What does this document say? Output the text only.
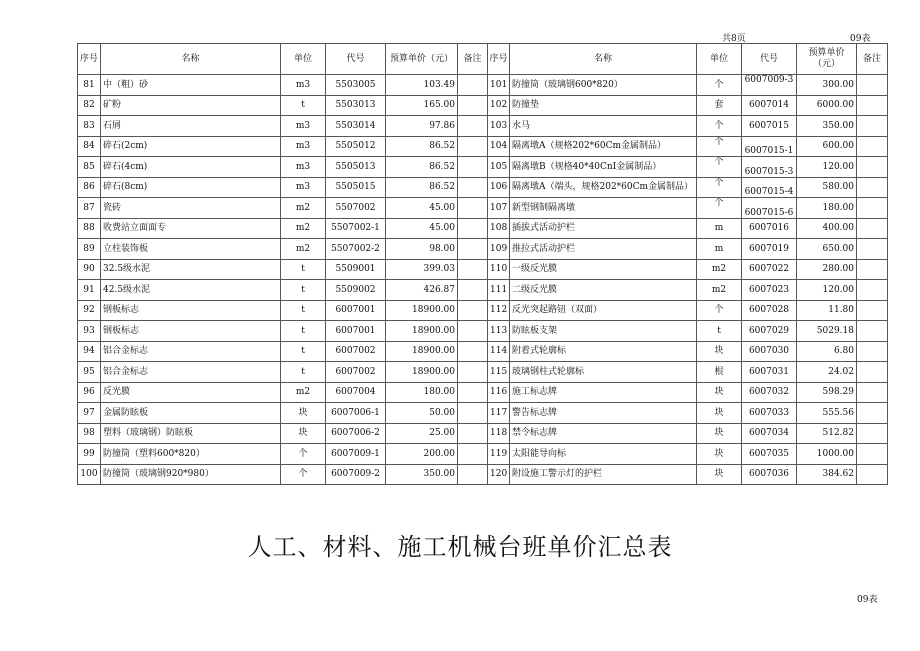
共8页	09表
序号	名称	单位	代号	预算单价（元）	备注	序号	名称	单位	代号	预算单价（元）	备注
81	中（粗）砂	m3	5503005	103.49		101	防撞筒（玻璃钢600*820）	个	6007009-3	300.00	
82	矿粉	t	5503013	165.00		102	防撞垫	套	6007014	6000.00	
83	石屑	m3	5503014	97.86		103	水马	个	6007015	350.00	
84	碎石(2cm)	m3	5505012	86.52		104	隔离墩A（规格202*60Cm金属制品）	个	6007015-1	600.00	
85	碎石(4cm)	m3	5505013	86.52		105	隔离墩B（规格40*40CnI金属制品）	个	6007015-3	120.00	
86	碎石(8cm)	m3	5505015	86.52		106	隔离墩A（端头，规格202*60Cm金属制品）	个	6007015-4	580.00	
87	瓷砖	m2	5507002	45.00		107	新型钢制隔离墩	个	6007015-6	180.00	
88	收费站立面面专	m2	5507002-1	45.00		108	插拔式活动护栏	m	6007016	400.00	
89	立柱装饰板	m2	5507002-2	98.00		109	推拉式活动护栏	m	6007019	650.00	
90	32.5级水泥	t	5509001	399.03		110	一级反光膜	m2	6007022	280.00	
91	42.5级水泥	t	5509002	426.87		111	二级反光膜	m2	6007023	120.00	
92	钢板标志	t	6007001	18900.00		112	反光突起路钮（双面）	个	6007028	11.80	
93	钢板标志	t	6007001	18900.00		113	防眩板支架	t	6007029	5029.18	
94	铝合金标志	t	6007002	18900.00		114	附着式轮廓标	块	6007030	6.80	
95	铝合金标志	t	6007002	18900.00		115	玻璃钢柱式轮廓标	根	6007031	24.02	
96	反光膜	m2	6007004	180.00		116	施工标志牌	块	6007032	598.29	
97	金属防眩板	块	6007006-1	50.00		117	警告标志牌	块	6007033	555.56	
98	塑料（玻璃钢）防眩板	块	6007006-2	25.00		118	禁令标志牌	块	6007034	512.82	
99	防撞筒（塑料600*820）	个	6007009-1	200.00		119	太阳能导向标	块	6007035	1000.00	
100	防撞筒（玻璃钢920*980）	个	6007009-2	350.00		120	附设施工警示灯的护栏	块	6007036	384.62	
人工、材料、施工机械台班单价汇总表
09表
